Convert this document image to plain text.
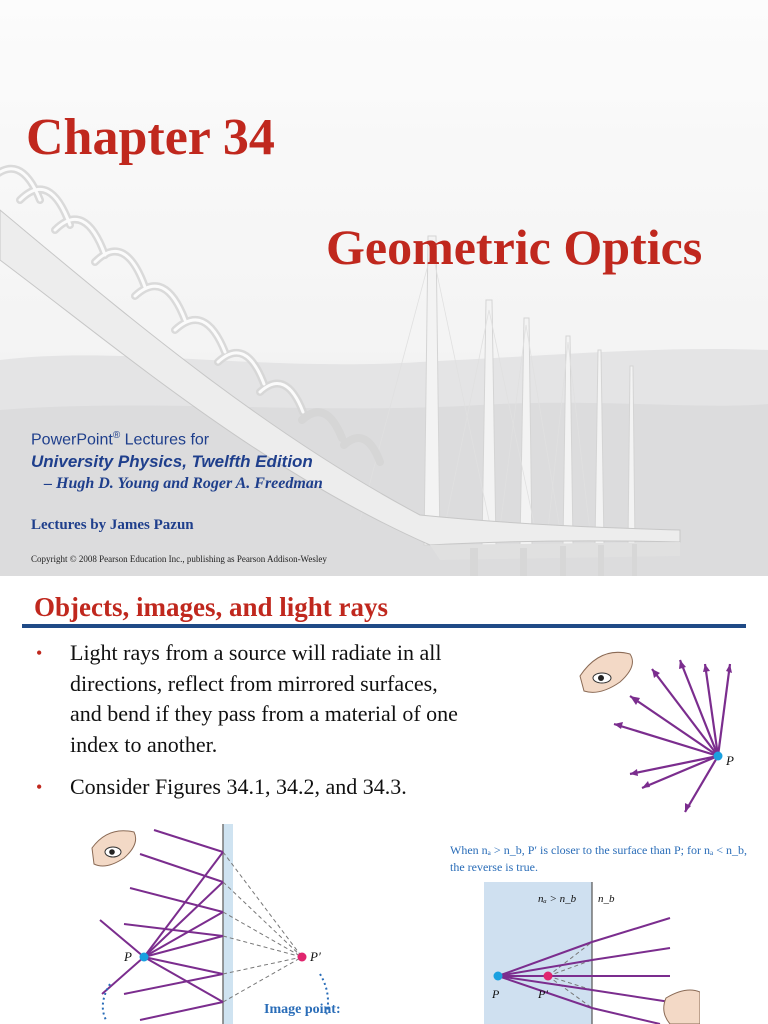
Chapter 34
Geometric Optics
PowerPoint® Lectures for
University Physics, Twelfth Edition
– Hugh D. Young and Roger A. Freedman
Lectures by James Pazun
Copyright © 2008 Pearson Education Inc., publishing as Pearson Addison-Wesley
Objects, images, and light rays
• Light rays from a source will radiate in all directions, reflect from mirrored surfaces, and bend if they pass from a material of one index to another.
• Consider Figures 34.1, 34.2, and 34.3.
P
P	P′
Image point:

When nₐ > n_b, P′ is closer to the surface than P; for nₐ < n_b, the reverse is true.

nₐ > n_b n_b
P	P′
